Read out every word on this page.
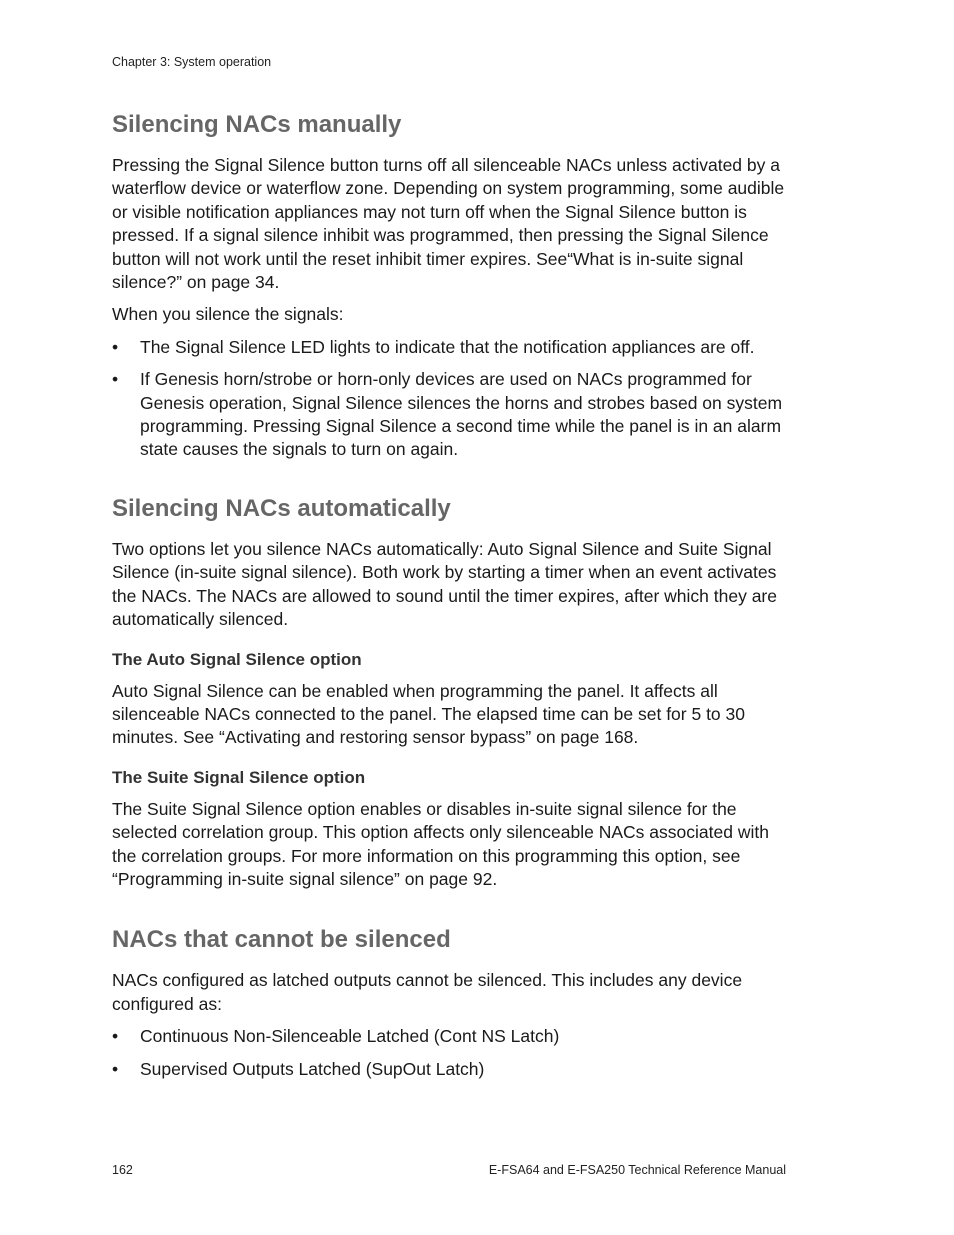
Chapter 3: System operation
Silencing NACs manually

Pressing the Signal Silence button turns off all silenceable NACs unless activated by a waterflow device or waterflow zone. Depending on system programming, some audible or visible notification appliances may not turn off when the Signal Silence button is pressed. If a signal silence inhibit was programmed, then pressing the Signal Silence button will not work until the reset inhibit timer expires. See“What is in-suite signal silence?” on page 34.

When you silence the signals:

• The Signal Silence LED lights to indicate that the notification appliances are off.
• If Genesis horn/strobe or horn-only devices are used on NACs programmed for Genesis operation, Signal Silence silences the horns and strobes based on system programming. Pressing Signal Silence a second time while the panel is in an alarm state causes the signals to turn on again.
Silencing NACs automatically

Two options let you silence NACs automatically: Auto Signal Silence and Suite Signal Silence (in-suite signal silence). Both work by starting a timer when an event activates the NACs. The NACs are allowed to sound until the timer expires, after which they are automatically silenced.

The Auto Signal Silence option

Auto Signal Silence can be enabled when programming the panel. It affects all silenceable NACs connected to the panel. The elapsed time can be set for 5 to 30 minutes. See “Activating and restoring sensor bypass” on page 168.

The Suite Signal Silence option

The Suite Signal Silence option enables or disables in-suite signal silence for the selected correlation group. This option affects only silenceable NACs associated with the correlation groups. For more information on this programming this option, see “Programming in-suite signal silence” on page 92.

NACs that cannot be silenced

NACs configured as latched outputs cannot be silenced. This includes any device configured as:

• Continuous Non-Silenceable Latched (Cont NS Latch)
• Supervised Outputs Latched (SupOut Latch)
162	E-FSA64 and E-FSA250 Technical Reference Manual
